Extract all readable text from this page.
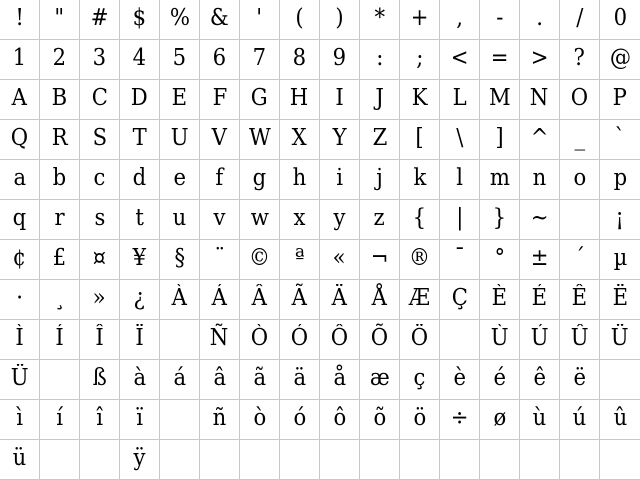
! " # $ % & ' ( ) * + , - . / 0
1 2 3 4 5 6 7 8 9 : ; < = > ? @
A B C D E F G H I J K L M N O P
Q R S T U V W X Y Z [ \ ] ^ _ `
a b c d e f g h i j k l m n o p
q r s t u v w x y z { | } ~	¡
¢ £ ¤ ¥ § ¨ © ª « ¬ ® ¯ ° ± ´ µ
· ¸ » ¿ À Á Â Ã Ä Å Æ Ç È É Ê Ë
Ì Í Î Ï	Ñ Ò Ó Ô Õ Ö	Ù Ú Û Ü
Ü	ß à á â ã ä å æ ç è é ê ë
ì í î ï	ñ ò ó ô õ ö ÷ ø ù ú û
ü	ÿ
